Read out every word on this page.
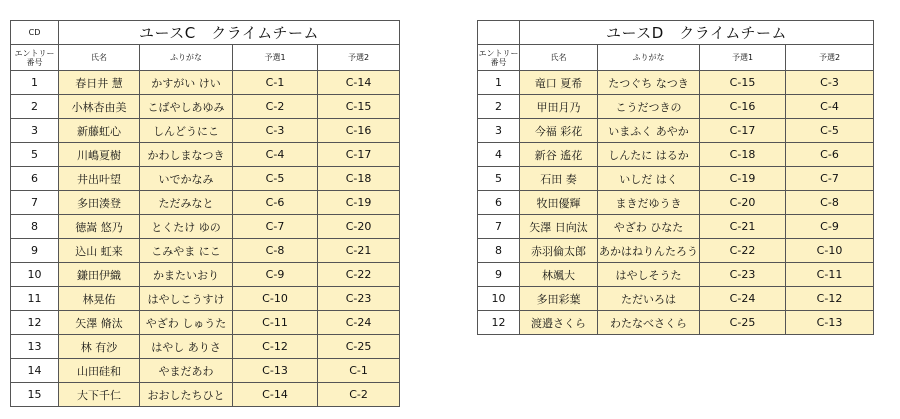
CD	ユースC　クライムチーム			
エントリー番号	氏名	ふりがな	予選1	予選2
1	春日井 慧	かすがい けい	C-1	C-14
2	小林杏由美	こばやしあゆみ	C-2	C-15
3	新藤虹心	しんどうにこ	C-3	C-16
5	川嶋夏樹	かわしまなつき	C-4	C-17
6	井出叶望	いでかなみ	C-5	C-18
7	多田湊登	ただみなと	C-6	C-19
8	徳嵩 悠乃	とくたけ ゆの	C-7	C-20
9	込山 虹来	こみやま にこ	C-8	C-21
10	鎌田伊織	かまたいおり	C-9	C-22
11	林晃佑	はやしこうすけ	C-10	C-23
12	矢澤 脩汰	やざわ しゅうた	C-11	C-24
13	林 有沙	はやし ありさ	C-12	C-25
14	山田硅和	やまだあわ	C-13	C-1
15	大下千仁	おおしたちひと	C-14	C-2
	ユースD　クライムチーム			
エントリー番号	氏名	ふりがな	予選1	予選2
1	竜口 夏希	たつぐち なつき	C-15	C-3
2	甲田月乃	こうだつきの	C-16	C-4
3	今福 彩花	いまふく あやか	C-17	C-5
4	新谷 遙花	しんたに はるか	C-18	C-6
5	石田 奏	いしだ はく	C-19	C-7
6	牧田優輝	まきだゆうき	C-20	C-8
7	矢澤 日向汰	やざわ ひなた	C-21	C-9
8	赤羽倫太郎	あかはねりんたろう	C-22	C-10
9	林颯大	はやしそうた	C-23	C-11
10	多田彩葉	ただいろは	C-24	C-12
12	渡邉さくら	わたなべさくら	C-25	C-13
